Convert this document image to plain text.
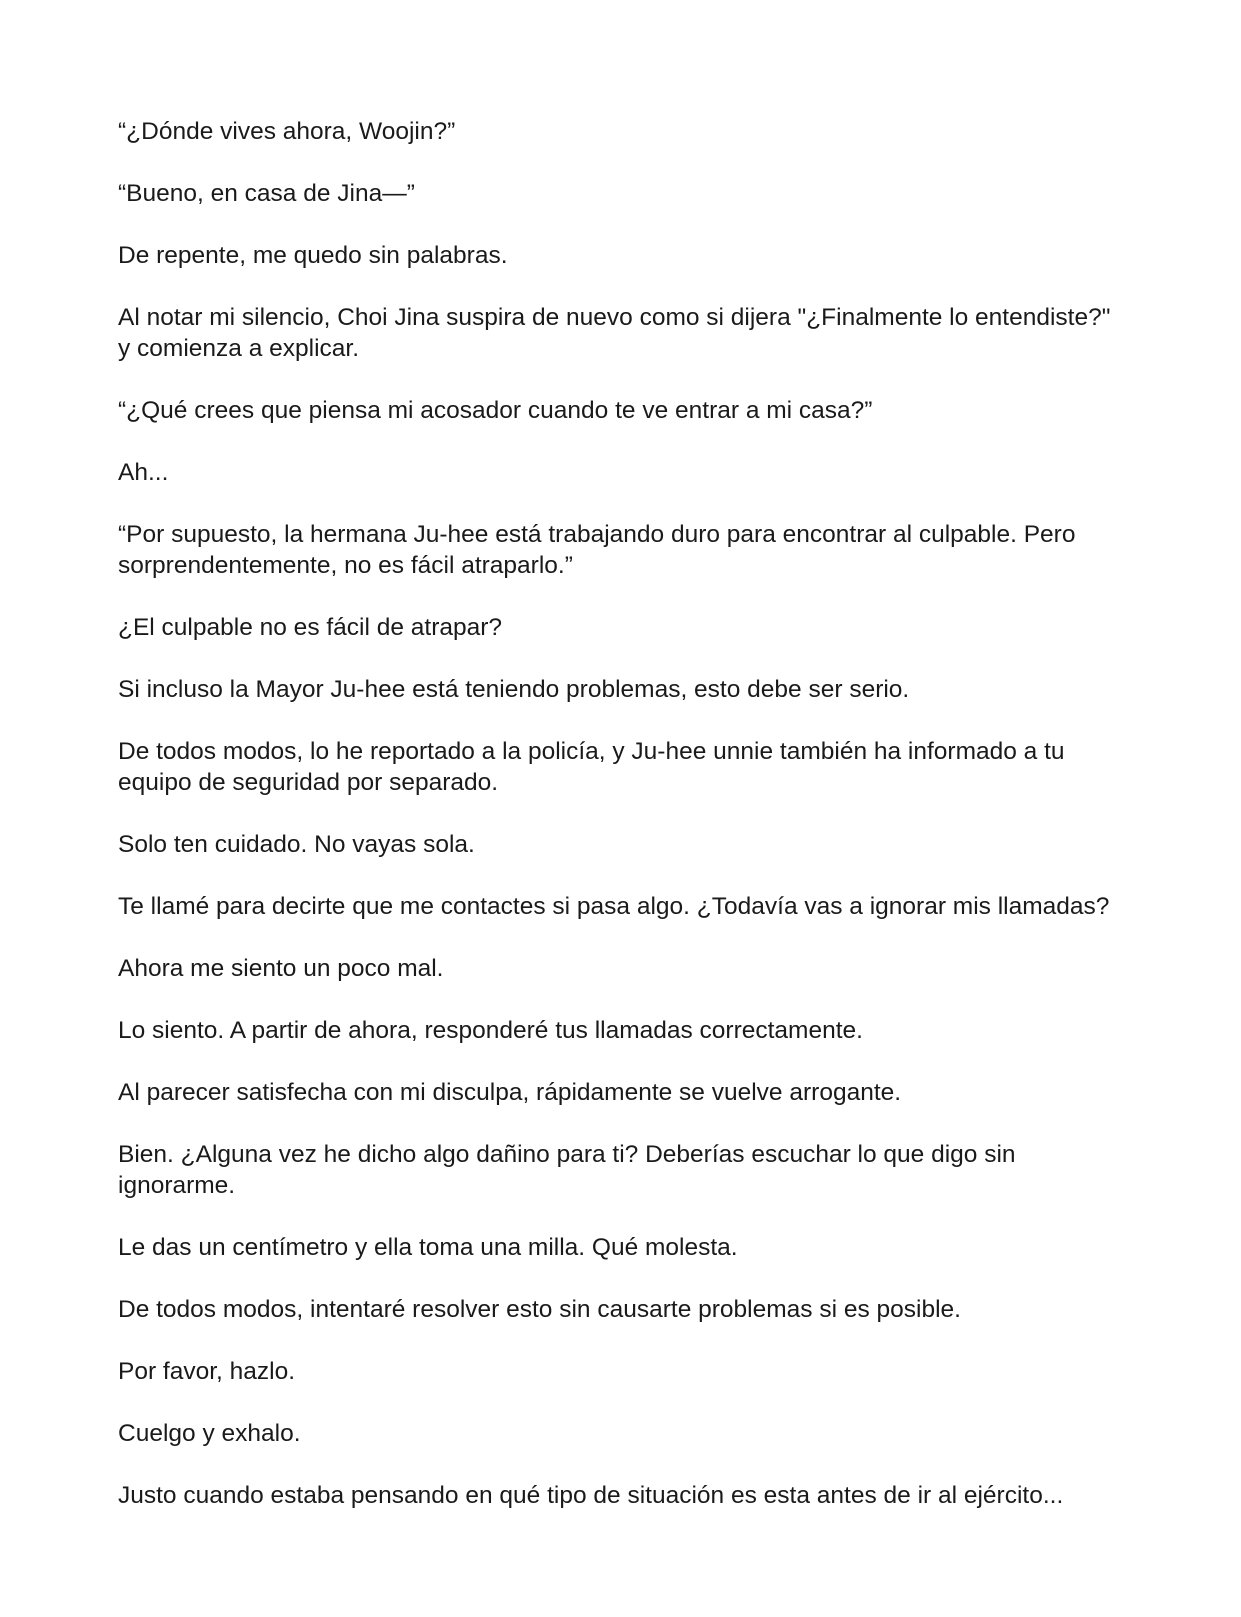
“¿Dónde vives ahora, Woojin?”

“Bueno, en casa de Jina—”

De repente, me quedo sin palabras.

Al notar mi silencio, Choi Jina suspira de nuevo como si dijera "¿Finalmente lo entendiste?" y comienza a explicar.

“¿Qué crees que piensa mi acosador cuando te ve entrar a mi casa?”

Ah...

“Por supuesto, la hermana Ju-hee está trabajando duro para encontrar al culpable. Pero sorprendentemente, no es fácil atraparlo.”

¿El culpable no es fácil de atrapar?

Si incluso la Mayor Ju-hee está teniendo problemas, esto debe ser serio.

De todos modos, lo he reportado a la policía, y Ju-hee unnie también ha informado a tu equipo de seguridad por separado.

Solo ten cuidado. No vayas sola.

Te llamé para decirte que me contactes si pasa algo. ¿Todavía vas a ignorar mis llamadas?

Ahora me siento un poco mal.

Lo siento. A partir de ahora, responderé tus llamadas correctamente.

Al parecer satisfecha con mi disculpa, rápidamente se vuelve arrogante.

Bien. ¿Alguna vez he dicho algo dañino para ti? Deberías escuchar lo que digo sin ignorarme.

Le das un centímetro y ella toma una milla. Qué molesta.

De todos modos, intentaré resolver esto sin causarte problemas si es posible.

Por favor, hazlo.

Cuelgo y exhalo.

Justo cuando estaba pensando en qué tipo de situación es esta antes de ir al ejército...
